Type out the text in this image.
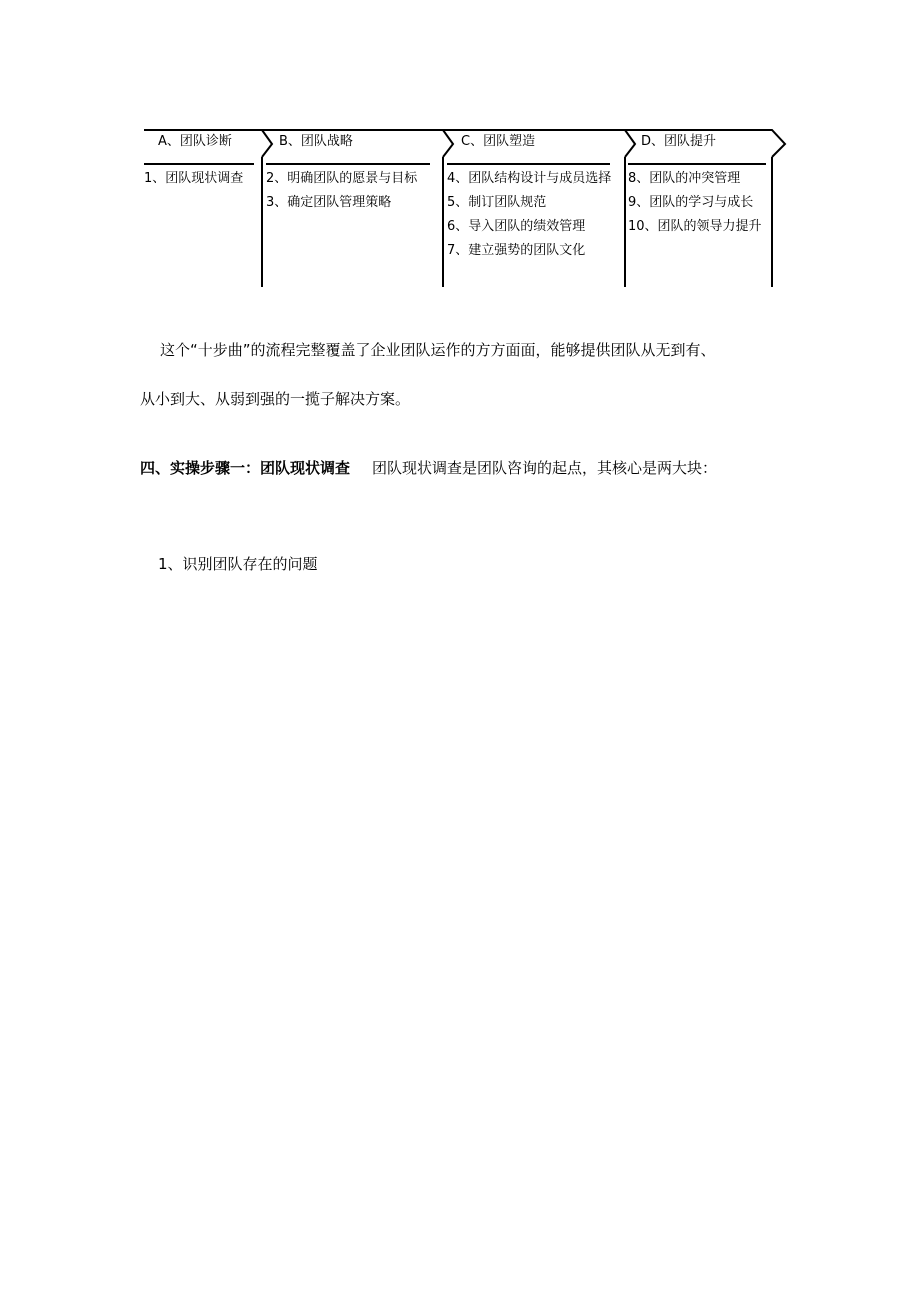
A、团队诊断
1、团队现状调查
B、团队战略
2、明确团队的愿景与目标
3、确定团队管理策略
C、团队塑造
4、团队结构设计与成员选择
5、制订团队规范
6、导入团队的绩效管理
7、建立强势的团队文化
D、团队提升
8、团队的冲突管理
9、团队的学习与成长
10、团队的领导力提升
这个“十步曲”的流程完整覆盖了企业团队运作的方方面面，能够提供团队从无到有、
从小到大、从弱到强的一揽子解决方案。
四、实操步骤一：团队现状调查 团队现状调查是团队咨询的起点，其核心是两大块：
1、识别团队存在的问题
